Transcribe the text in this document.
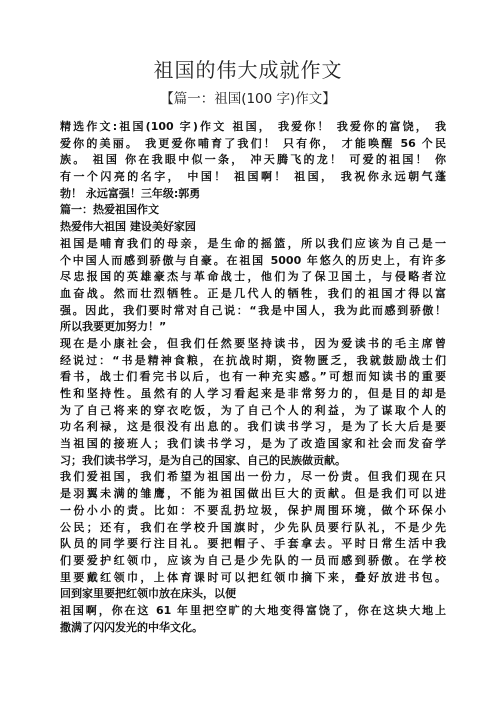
祖国的伟大成就作文
【篇一：祖国(100 字)作文】
精选作文:祖国(100 字)作文 祖国， 我爱你！ 我爱你的富饶， 我
爱你的美丽。 我更爱你哺育了我们！ 只有你， 才能唤醒 56 个民
族。 祖国 你在我眼中似一条， 冲天腾飞的龙！ 可爱的祖国！ 你
有一个闪亮的名字， 中国！ 祖国啊！ 祖国， 我祝你永远朝气蓬
勃！ 永远富强！三年级:郭勇
篇一：热爱祖国作文
热爱伟大祖国 建设美好家园
祖国是哺育我们的母亲，是生命的摇篮，所以我们应该为自己是一
个中国人而感到骄傲与自豪。在祖国 5000 年悠久的历史上，有许多
尽忠报国的英雄豪杰与革命战士，他们为了保卫国土，与侵略者泣
血奋战。然而壮烈牺牲。正是几代人的牺牲，我们的祖国才得以富
强。因此，我们要时常对自己说：“我是中国人，我为此而感到骄傲！
所以我要更加努力！”
现在是小康社会，但我们任然要坚持读书，因为爱读书的毛主席曾
经说过：“书是精神食粮，在抗战时期，资物匮乏，我就鼓励战士们
看书，战士们看完书以后，也有一种充实感。”可想而知读书的重要
性和坚持性。虽然有的人学习看起来是非常努力的，但是目的却是
为了自己将来的穿衣吃饭，为了自己个人的利益，为了谋取个人的
功名利禄，这是很没有出息的。我们读书学习，是为了长大后是要
当祖国的接班人；我们读书学习，是为了改造国家和社会而发奋学
习；我们读书学习，是为自己的国家、自己的民族做贡献。
我们爱祖国，我们希望为祖国出一份力，尽一份责。但我们现在只
是羽翼未满的雏鹰，不能为祖国做出巨大的贡献。但是我们可以进
一份小小的责。比如：不要乱扔垃圾，保护周围环境，做个环保小
公民；还有，我们在学校升国旗时，少先队员要行队礼，不是少先
队员的同学要行注目礼。要把帽子、手套拿去。平时日常生活中我
们要爱护红领巾，应该为自己是少先队的一员而感到骄傲。在学校
里要戴红领巾，上体育课时可以把红领巾摘下来，叠好放进书包。
回到家里要把红领巾放在床头，以便
祖国啊，你在这 61 年里把空旷的大地变得富饶了，你在这块大地上
撒满了闪闪发光的中华文化。
